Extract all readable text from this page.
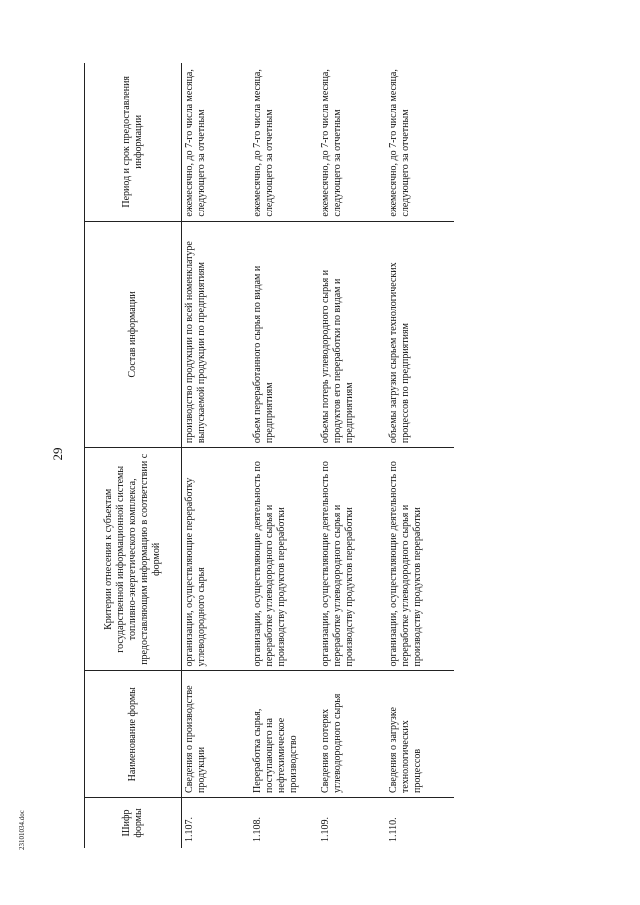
29
23101034.doc	Шифр формы	Наименование формы	Критерии отнесения к субъектам государственной информационной системы топливно-энергетического комплекса, предоставляющим информацию в соответствии с формой	Состав информации	Период и срок предоставления информации
1.107.	Сведения о производстве продукции	организации, осуществляющие переработку углеводородного сырья	производство продукции по всей номенклатуре выпускаемой продукции по предприятиям	ежемесячно, до 7-го числа месяца, следующего за отчетным
1.108.	Переработка сырья, поступающего на нефтехимическое производство	организации, осуществляющие деятельность по переработке углеводородного сырья и производству продуктов переработки	объем переработанного сырья по видам и предприятиям	ежемесячно, до 7-го числа месяца, следующего за отчетным
1.109.	Сведения о потерях углеводородного сырья	организации, осуществляющие деятельность по переработке углеводородного сырья и производству продуктов переработки	объемы потерь углеводородного сырья и продуктов его переработки по видам и предприятиям	ежемесячно, до 7-го числа месяца, следующего за отчетным
1.110.	Сведения о загрузке технологических процессов	организации, осуществляющие деятельность по переработке углеводородного сырья и производству продуктов переработки	объемы загрузки сырьем технологических процессов по предприятиям	ежемесячно, до 7-го числа месяца, следующего за отчетным
